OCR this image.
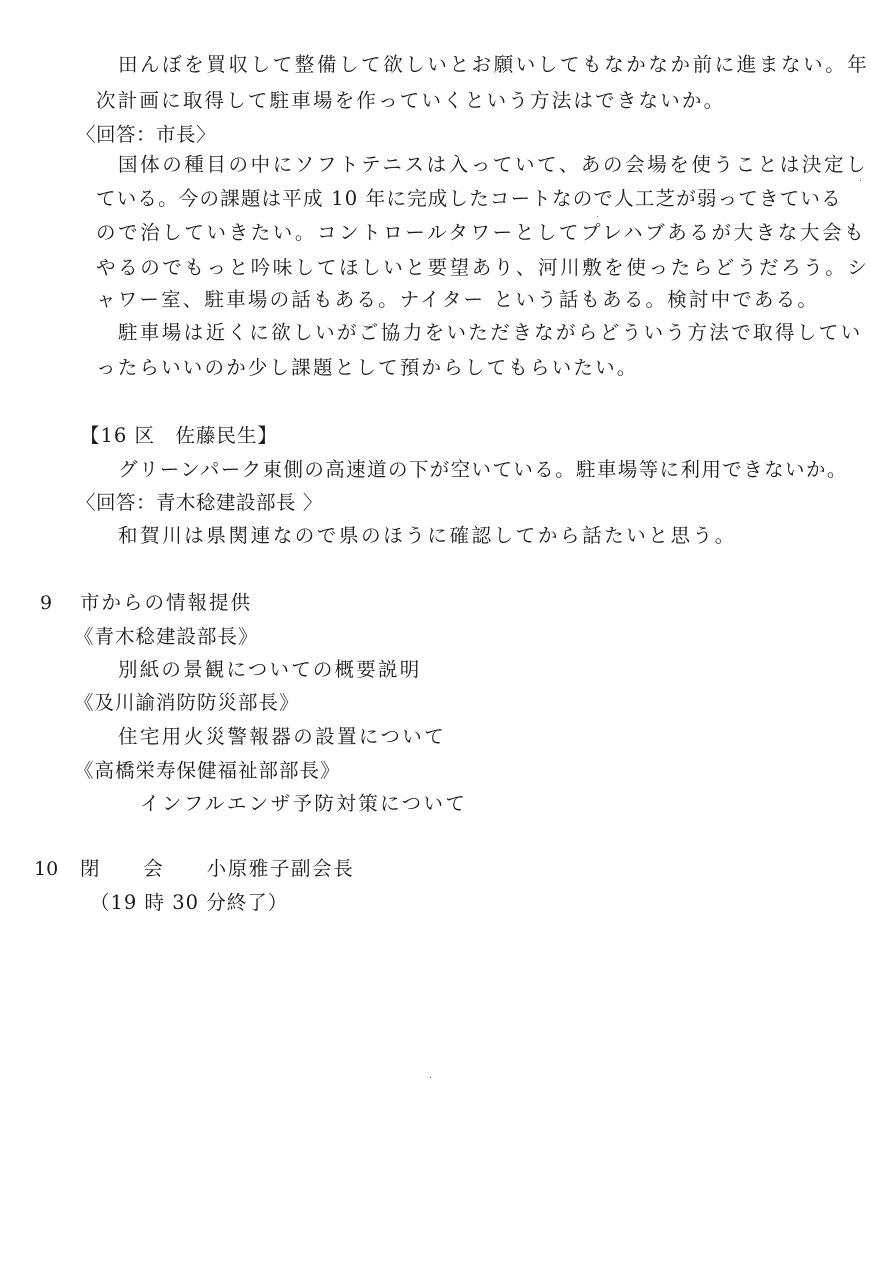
田んぼを買収して整備して欲しいとお願いしてもなかなか前に進まない。年
次計画に取得して駐車場を作っていくという方法はできないか。
〈回答：市長〉
国体の種目の中にソフトテニスは入っていて、あの会場を使うことは決定し
ている。今の課題は平成 10 年に完成したコートなので人工芝が弱ってきている
ので治していきたい。コントロールタワーとしてプレハブあるが大きな大会も
やるのでもっと吟味してほしいと要望あり、河川敷を使ったらどうだろう。シ
ャワー室、駐車場の話もある。ナイター という話もある。検討中である。
駐車場は近くに欲しいがご協力をいただきながらどういう方法で取得してい
ったらいいのか少し課題として預からしてもらいたい。
【16 区　佐藤民生】
グリーンパーク東側の高速道の下が空いている。駐車場等に利用できないか。
〈回答：青木稔建設部長 〉
和賀川は県関連なので県のほうに確認してから話たいと思う。
9 市からの情報提供
《青木稔建設部長》
別紙の景観についての概要説明
《及川諭消防防災部長》
住宅用火災警報器の設置について
《高橋栄寿保健福祉部部長》
インフルエンザ予防対策について
10 閉　　会　　小原雅子副会長
（19 時 30 分終了）
